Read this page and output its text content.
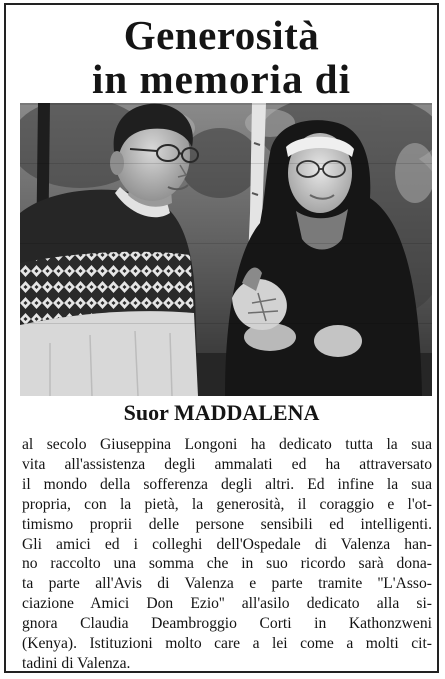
Generosità
in memoria di
Suor MADDALENA
al secolo Giuseppina Longoni ha dedicato tutta la sua
vita all'assistenza degli ammalati ed ha attraversato
il mondo della sofferenza degli altri. Ed infine la sua
propria, con la pietà, la generosità, il coraggio e l'ot-
timismo proprii delle persone sensibili ed intelligenti.
Gli amici ed i colleghi dell'Ospedale di Valenza han-
no raccolto una somma che in suo ricordo sarà dona-
ta parte all'Avis di Valenza e parte tramite ''L'Asso-
ciazione Amici Don Ezio'' all'asilo dedicato alla si-
gnora Claudia Deambroggio Corti in Kathonzweni
(Kenya). Istituzioni molto care a lei come a molti cit-
tadini di Valenza.
